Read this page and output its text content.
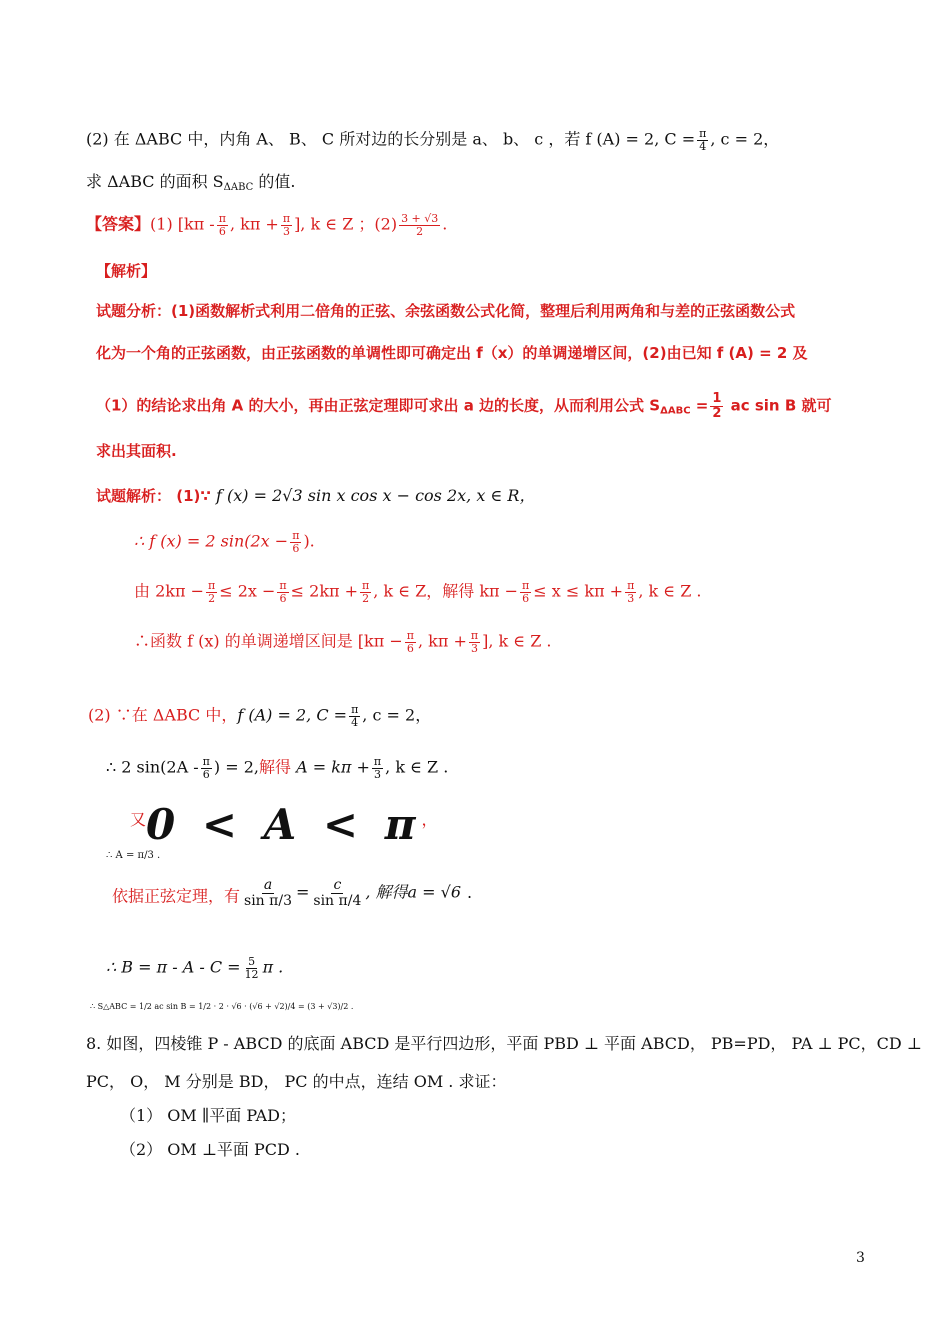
(2) 在 ΔABC 中，内角 A、 B、 C 所对边的长分别是 a、 b、 c ，若 f (A) = 2, $C = \frac{\pi}{4}$ , c = 2，
求 ΔABC 的面积 $S_{\Delta ABC}$ 的值.
【答案】(1) [$k\pi - \frac{\pi}{6}$ , $k\pi + \frac{\pi}{3}$ ], k ∈ Z ；$(2) \frac{3 + √3}{2}$ .
【解析】
试题分析：(1)函数解析式利用二倍角的正弦、余弦函数公式化简，整理后利用两角和与差的正弦函数公式
化为一个角的正弦函数，由正弦函数的单调性即可确定出 f（x）的单调递增区间，(2)由已知 f (A) = 2 及
（1）的结论求出角 A 的大小，再由正弦定理即可求出 a 边的长度，从而利用公式 $S_{\Delta ABC} = \frac{1}{2}$ ac sin B 就可
求出其面积.
试题解析： (1)∵ f (x) = 2√3 sin x cos x − cos 2x, x ∈ R，
∴ f (x) = 2 $\sin(2x - \frac{\pi}{6}$ ).
由 $2k\pi - \frac{\pi}{2} \le 2x - \frac{\pi}{6} \le 2k\pi + \frac{\pi}{2}$ , k ∈ Z，解得 $k\pi - \frac{\pi}{6} \le x \le k\pi + \frac{\pi}{3}$ , k ∈ Z .
∴函数 f (x) 的单调递增区间是 [$k\pi - \frac{\pi}{6}$ , $k\pi + \frac{\pi}{3}$ ], k ∈ Z .
(2) ∵在 ΔABC 中，f (A) = 2, $C = \frac{\pi}{4}$ , c = 2，
∴ 2 $\sin(2A - \frac{\pi}{6}$ ) = 2,解得 $A = k\pi + \frac{\pi}{3}$ , k ∈ Z .
又0 < A < π，
∴ A = π/3 .
依据正弦定理，有 $\frac{a}{\text{sin π/3}} = \frac{c}{\text{sin π/4}}$ , 解得a = √6 .
∴ $B = \pi - A - C = \frac{5}{12}$ π .
∴ S△ABC = 1/2 ac sin B = 1/2 · 2 · √6 · (√6 + √2)/4 = (3 + √3)/2 .
8. 如图，四棱锥 P - ABCD 的底面 ABCD 是平行四边形，平面 PBD ⊥ 平面 ABCD， PB=PD， PA ⊥ PC，CD ⊥
PC， O， M 分别是 BD， PC 的中点，连结 OM . 求证：
（1） OM ∥平面 PAD；
（2） OM ⊥平面 PCD .
3
